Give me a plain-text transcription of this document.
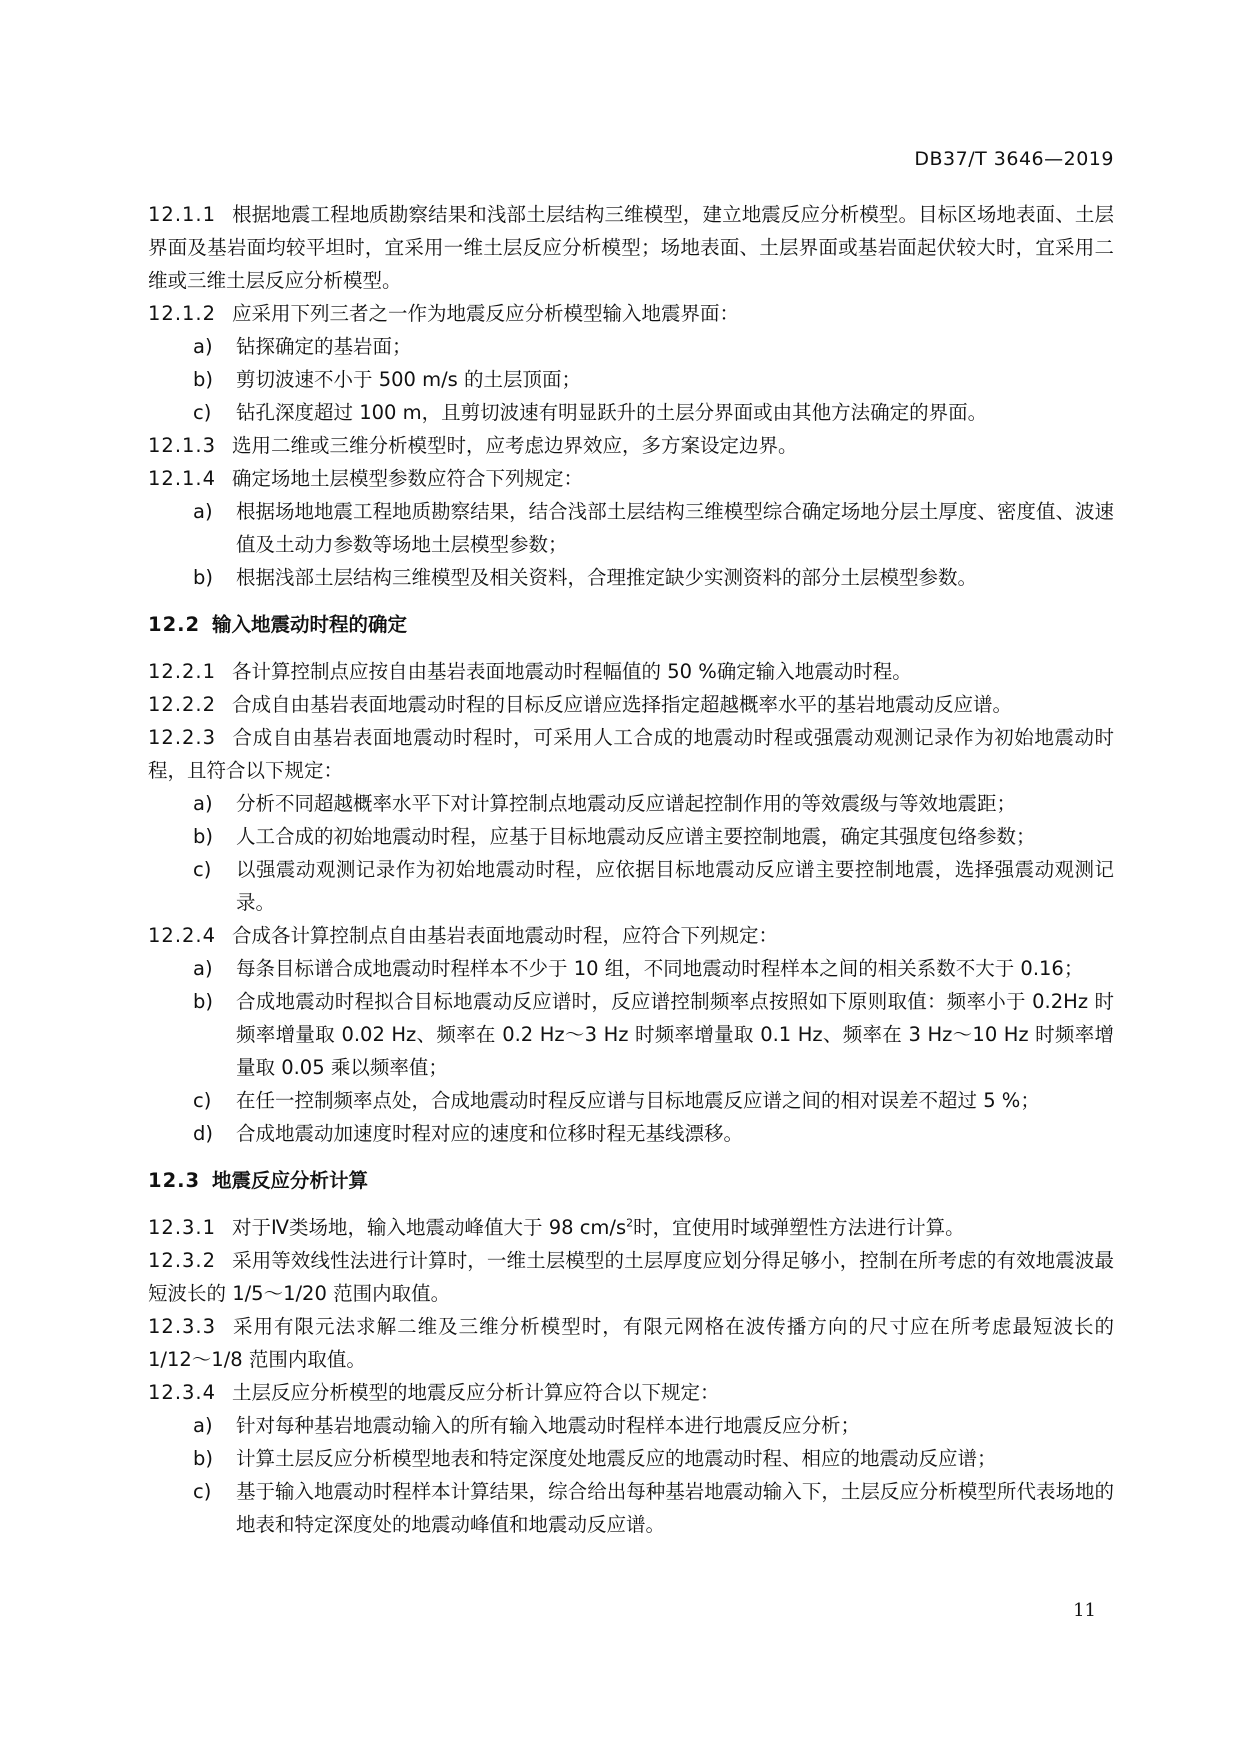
DB37/T 3646—2019

12.1.1 根据地震工程地质勘察结果和浅部土层结构三维模型，建立地震反应分析模型。目标区场地表面、土层界面及基岩面均较平坦时，宜采用一维土层反应分析模型；场地表面、土层界面或基岩面起伏较大时，宜采用二维或三维土层反应分析模型。

12.1.2 应采用下列三者之一作为地震反应分析模型输入地震界面：

a) 钻探确定的基岩面；

b) 剪切波速不小于 500 m/s 的土层顶面；

c) 钻孔深度超过 100 m，且剪切波速有明显跃升的土层分界面或由其他方法确定的界面。

12.1.3 选用二维或三维分析模型时，应考虑边界效应，多方案设定边界。

12.1.4 确定场地土层模型参数应符合下列规定：

a) 根据场地地震工程地质勘察结果，结合浅部土层结构三维模型综合确定场地分层土厚度、密度值、波速值及土动力参数等场地土层模型参数；

b) 根据浅部土层结构三维模型及相关资料，合理推定缺少实测资料的部分土层模型参数。

12.2 输入地震动时程的确定

12.2.1 各计算控制点应按自由基岩表面地震动时程幅值的 50 %确定输入地震动时程。

12.2.2 合成自由基岩表面地震动时程的目标反应谱应选择指定超越概率水平的基岩地震动反应谱。

12.2.3 合成自由基岩表面地震动时程时，可采用人工合成的地震动时程或强震动观测记录作为初始地震动时程，且符合以下规定：

a) 分析不同超越概率水平下对计算控制点地震动反应谱起控制作用的等效震级与等效地震距；

b) 人工合成的初始地震动时程，应基于目标地震动反应谱主要控制地震，确定其强度包络参数；

c) 以强震动观测记录作为初始地震动时程，应依据目标地震动反应谱主要控制地震，选择强震动观测记录。

12.2.4 合成各计算控制点自由基岩表面地震动时程，应符合下列规定：

a) 每条目标谱合成地震动时程样本不少于 10 组，不同地震动时程样本之间的相关系数不大于 0.16；

b) 合成地震动时程拟合目标地震动反应谱时，反应谱控制频率点按照如下原则取值：频率小于 0.2Hz 时频率增量取 0.02 Hz、频率在 0.2 Hz～3 Hz 时频率增量取 0.1 Hz、频率在 3 Hz～10 Hz 时频率增量取 0.05 乘以频率值；

c) 在任一控制频率点处，合成地震动时程反应谱与目标地震反应谱之间的相对误差不超过 5 %；

d) 合成地震动加速度时程对应的速度和位移时程无基线漂移。

12.3 地震反应分析计算

12.3.1 对于Ⅳ类场地，输入地震动峰值大于 98 $cm/s^2$时，宜使用时域弹塑性方法进行计算。

12.3.2 采用等效线性法进行计算时，一维土层模型的土层厚度应划分得足够小，控制在所考虑的有效地震波最短波长的 1/5～1/20 范围内取值。

12.3.3 采用有限元法求解二维及三维分析模型时，有限元网格在波传播方向的尺寸应在所考虑最短波长的 1/12～1/8 范围内取值。

12.3.4 土层反应分析模型的地震反应分析计算应符合以下规定：

a) 针对每种基岩地震动输入的所有输入地震动时程样本进行地震反应分析；

b) 计算土层反应分析模型地表和特定深度处地震反应的地震动时程、相应的地震动反应谱；

c) 基于输入地震动时程样本计算结果，综合给出每种基岩地震动输入下，土层反应分析模型所代表场地的地表和特定深度处的地震动峰值和地震动反应谱。

11
